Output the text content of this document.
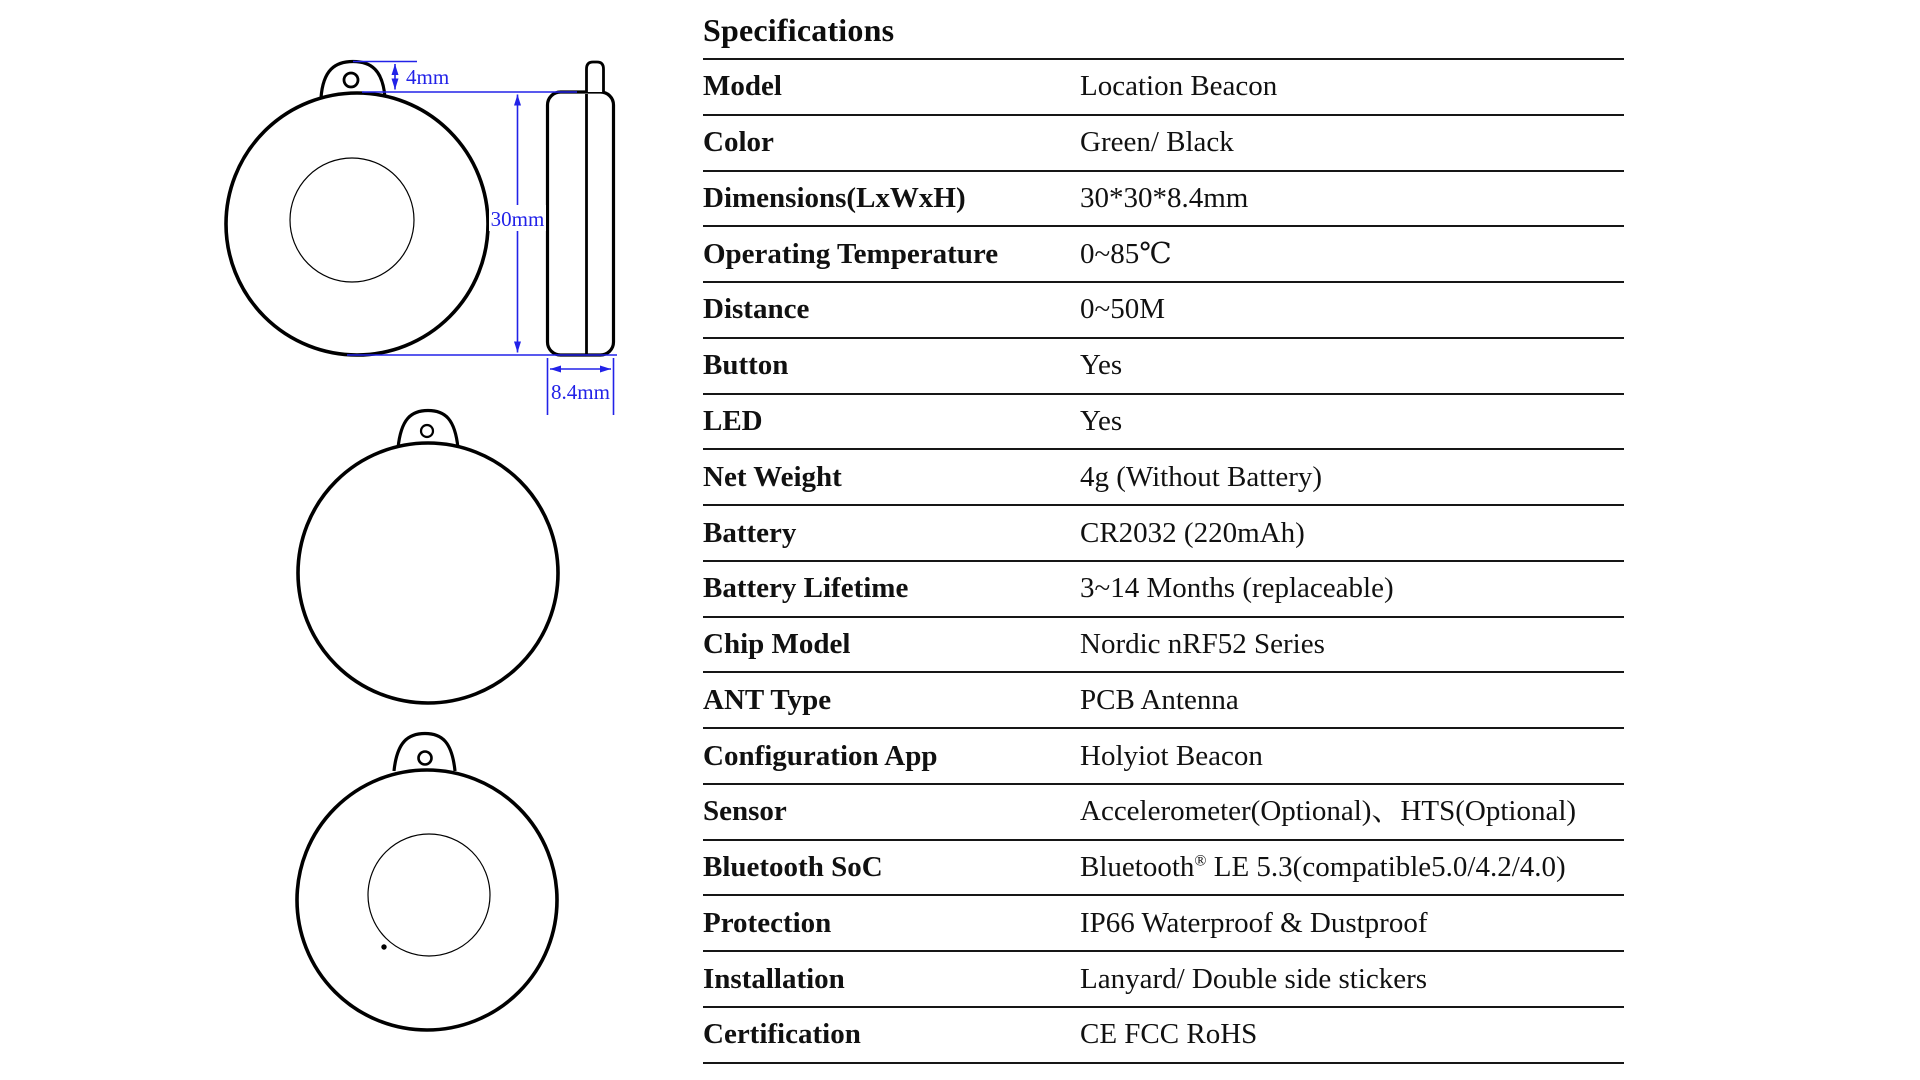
4mm
30mm
8.4mm
Specifications
Model	Location Beacon
Color	Green/ Black
Dimensions(LxWxH)	30*30*8.4mm
Operating Temperature	0~85℃
Distance	0~50M
Button	Yes
LED	Yes
Net Weight	4g (Without Battery)
Battery	CR2032 (220mAh)
Battery Lifetime	3~14 Months (replaceable)
Chip Model	Nordic nRF52 Series
ANT Type	PCB Antenna
Configuration App	Holyiot Beacon
Sensor	Accelerometer(Optional)、HTS(Optional)
Bluetooth SoC	Bluetooth® LE 5.3(compatible5.0/4.2/4.0)
Protection	IP66 Waterproof & Dustproof
Installation	Lanyard/ Double side stickers
Certification	CE FCC RoHS
